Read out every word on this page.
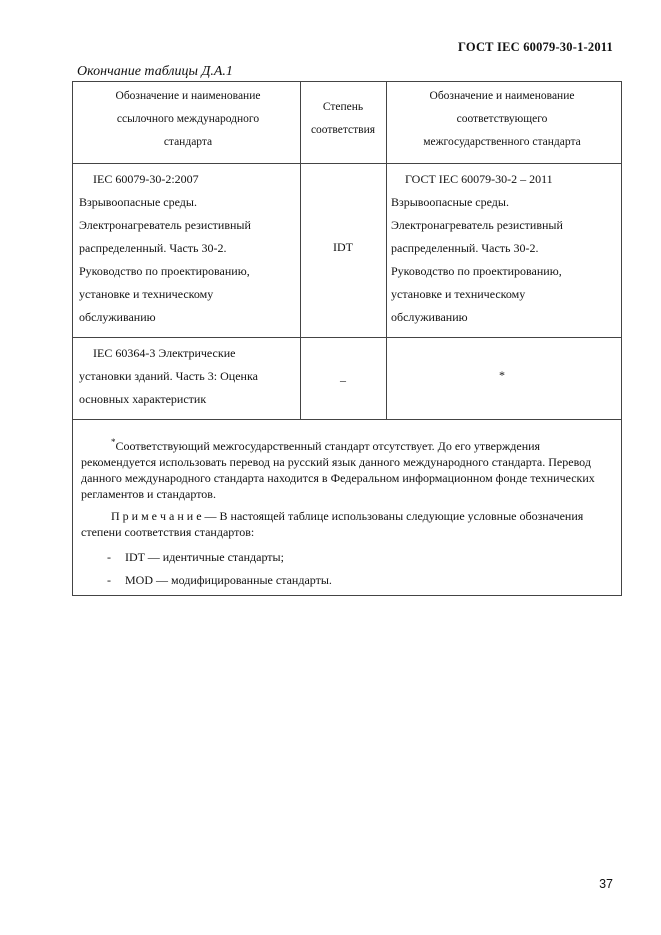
ГОСТ IEC 60079-30-1-2011
Окончание таблицы Д.А.1
Обозначение и наименование
ссылочного международного
стандарта
Степень
соответствия
Обозначение и наименование
соответствующего
межгосударственного стандарта
IEC 60079-30-2:2007
Взрывоопасные среды.
Электронагреватель резистивный
распределенный. Часть 30-2.
Руководство по проектированию,
установке и техническому
обслуживанию
IDT
ГОСТ IEC 60079-30-2 – 2011
Взрывоопасные среды.
Электронагреватель резистивный
распределенный. Часть 30-2.
Руководство по проектированию,
установке и техническому
обслуживанию
IEC 60364-3 Электрические
установки зданий. Часть 3: Оценка
основных характеристик
–	*

*Соответствующий межгосударственный стандарт отсутствует. До его утверждения рекомендуется использовать перевод на русский язык данного международного стандарта. Перевод данного международного стандарта находится в Федеральном информационном фонде технических регламентов и стандартов.

П р и м е ч а н и е — В настоящей таблице использованы следующие условные обозначения степени соответствия стандартов:

- IDT — идентичные стандарты;
- MOD — модифицированные стандарты.
37
